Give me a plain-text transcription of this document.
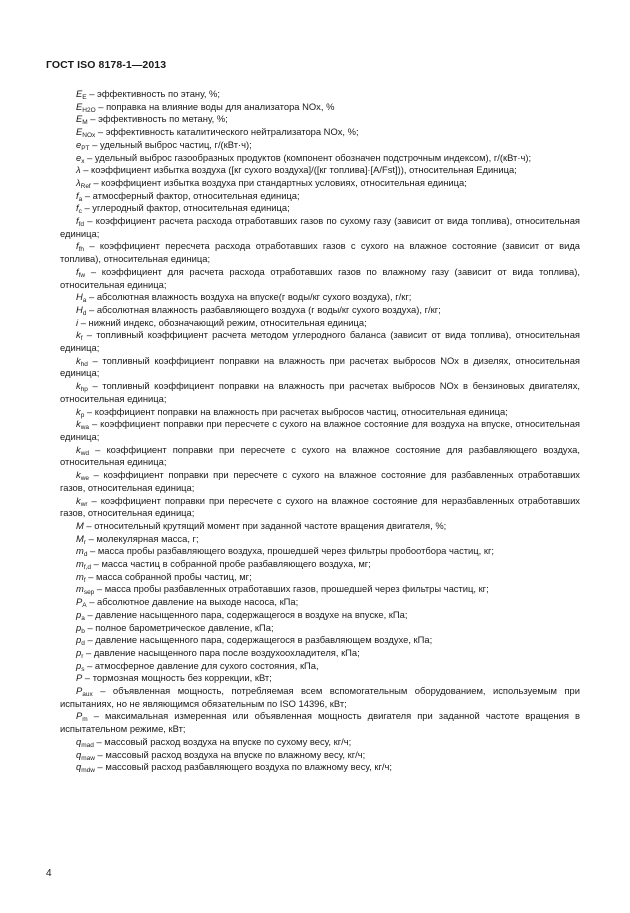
ГОСТ ISO 8178-1—2013

$E_E$ – эффективность по этану, %;

$E_{H2O}$ – поправка на влияние воды для анализатора NOx, %

$E_M$ – эффективность по метану, %;

$E_{NOx}$ – эффективность каталитического нейтрализатора NOx, %;

$e_{PT}$ – удельный выброс частиц, г/(кВт·ч);

$e_x$ – удельный выброс газообразных продуктов (компонент обозначен подстрочным индексом), г/(кВт·ч);

λ – коэффициент избытка воздуха ([кг сухого воздуха]/([кг топлива]·[A/Fst])), относительная Единица;

$\lambda_{Ref}$ – коэффициент избытка воздуха при стандартных условиях, относительная единица;

$f_a$ – атмосферный фактор, относительная единица;

$f_c$ – углеродный фактор, относительная единица;

$f_{fd}$ – коэффициент расчета расхода отработавших газов по сухому газу (зависит от вида топлива), относительная единица;

$f_{fh}$ – коэффициент пересчета расхода отработавших газов с сухого на влажное состояние (зависит от вида топлива), относительная единица;

$f_{fw}$ – коэффициент для расчета расхода отработавших газов по влажному газу (зависит от вида топлива), относительная единица;

$H_a$ – абсолютная влажность воздуха на впуске(г воды/кг сухого воздуха), г/кг;

$H_d$ – абсолютная влажность разбавляющего воздуха (г воды/кг сухого воздуха), г/кг;

i – нижний индекс, обозначающий режим, относительная единица;

$k_f$ – топливный коэффициент расчета методом углеродного баланса (зависит от вида топлива), относительная единица;

$k_{hd}$ – топливный коэффициент поправки на влажность при расчетах выбросов NOx в дизелях, относительная единица;

$k_{hp}$ – топливный коэффициент поправки на влажность при расчетах выбросов NOx в бензиновых двигателях, относительная единица;

$k_p$ – коэффициент поправки на влажность при расчетах выбросов частиц, относительная единица;

$k_{wa}$ – коэффициент поправки при пересчете с сухого на влажное состояние для воздуха на впуске, относительная единица;

$k_{wd}$ – коэффициент поправки при пересчете с сухого на влажное состояние для разбавляющего воздуха, относительная единица;

$k_{we}$ – коэффициент поправки при пересчете с сухого на влажное состояние для разбавленных отработавших газов, относительная единица;

$k_{wr}$ – коэффициент поправки при пересчете с сухого на влажное состояние для неразбавленных отработавших газов, относительная единица;

M – относительный крутящий момент при заданной частоте вращения двигателя, %;

$M_r$ – молекулярная масса, г;

$m_d$ – масса пробы разбавляющего воздуха, прошедшей через фильтры пробоотбора частиц, кг;

$m_{f,d}$ – масса частиц в собранной пробе разбавляющего воздуха, мг;

$m_f$ – масса собранной пробы частиц, мг;

$m_{sep}$ – масса пробы разбавленных отработавших газов, прошедшей через фильтры частиц, кг;

$P_A$ – абсолютное давление на выходе насоса, кПа;

$p_a$ – давление насыщенного пара, содержащегося в воздухе на впуске, кПа;

$p_b$ – полное барометрическое давление, кПа;

$p_d$ – давление насыщенного пара, содержащегося в разбавляющем воздухе, кПа;

$p_r$ – давление насыщенного пара после воздухоохладителя, кПа;

$p_s$ – атмосферное давление для сухого состояния, кПа,

P – тормозная мощность без коррекции, кВт;

$P_{aux}$ – объявленная мощность, потребляемая всем вспомогательным оборудованием, используемым при испытаниях, но не являющимся обязательным по ISO 14396, кВт;

$P_m$ – максимальная измеренная или объявленная мощность двигателя при заданной частоте вращения в испытательном режиме, кВт;

$q_{mad}$ – массовый расход воздуха на впуске по сухому весу, кг/ч;

$q_{maw}$ – массовый расход воздуха на впуске по влажному весу, кг/ч;

$q_{mdw}$ – массовый расход разбавляющего воздуха по влажному весу, кг/ч;

4
